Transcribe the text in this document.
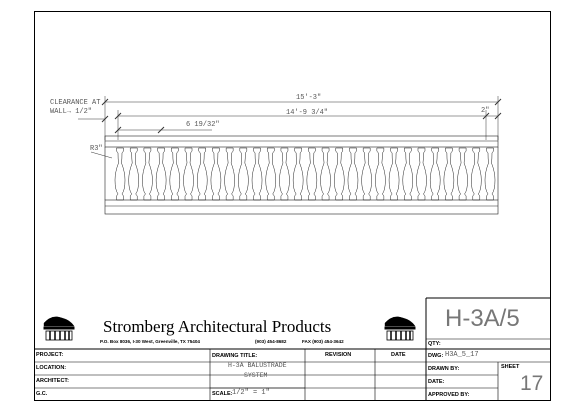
CLEARANCE AT
WALL→ 1/2"
15'-3"
14'-9 3/4"	2"
6 19/32"
R3"
Stromberg Architectural Products
P.O. Box 8036, I-30 West, Greenville, TX 75404	(903) 454-8682	FAX (903) 454-3642
H-3A/5
PROJECT:
LOCATION:
ARCHITECT:
G.C.
DRAWING TITLE:
H-3A BALUSTRADE
SYSTEM
SCALE: 1/2" = 1"
REVISION	DATE
QTY:
DWG: H3A_5_17
DRAWN BY:
DATE:
APPROVED BY:
SHEET
17
